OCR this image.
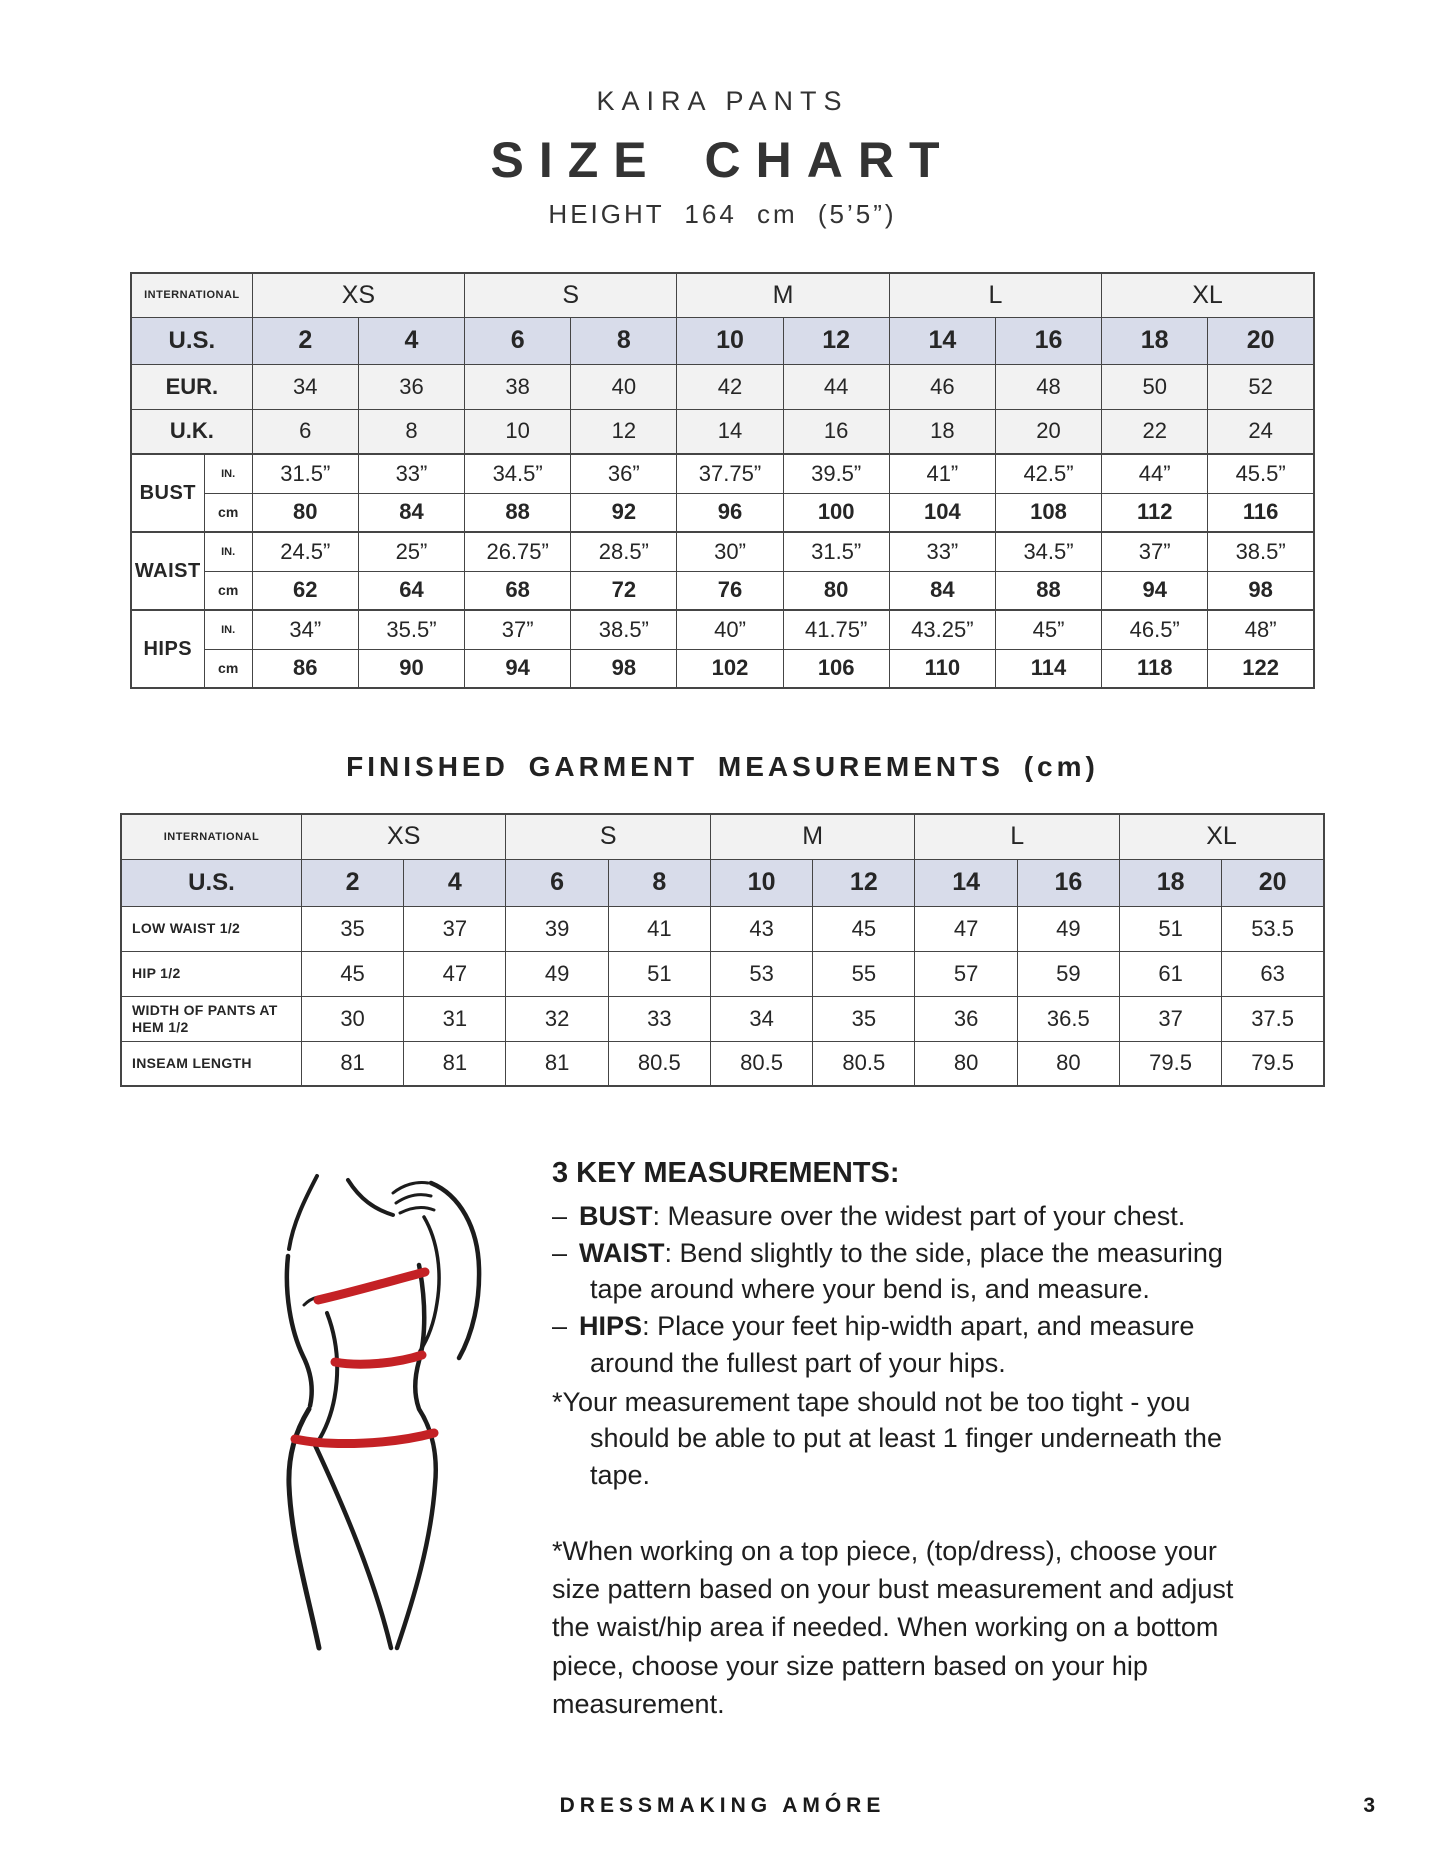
KAIRA PANTS
SIZE CHART
HEIGHT 164 cm (5’5”)
INTERNATIONAL		XS		S		M		L		XL	
U.S.		2	4	6	8	10	12	14	16	18	20
EUR.		34	36	38	40	42	44	46	48	50	52
U.K.		6	8	10	12	14	16	18	20	22	24
BUST	IN.	31.5”	33”	34.5”	36”	37.75”	39.5”	41”	42.5”	44”	45.5”
	cm	80	84	88	92	96	100	104	108	112	116
WAIST	IN.	24.5”	25”	26.75”	28.5”	30”	31.5”	33”	34.5”	37”	38.5”
	cm	62	64	68	72	76	80	84	88	94	98
HIPS	IN.	34”	35.5”	37”	38.5”	40”	41.75”	43.25”	45”	46.5”	48”
	cm	86	90	94	98	102	106	110	114	118	122
FINISHED GARMENT MEASUREMENTS (cm)
INTERNATIONAL	XS		S		M		L		XL	
U.S.	2	4	6	8	10	12	14	16	18	20
LOW WAIST 1/2	35	37	39	41	43	45	47	49	51	53.5
HIP 1/2	45	47	49	51	53	55	57	59	61	63
WIDTH OF PANTS AT HEM 1/2	30	31	32	33	34	35	36	36.5	37	37.5
INSEAM LENGTH	81	81	81	80.5	80.5	80.5	80	80	79.5	79.5
3 KEY MEASUREMENTS:
– BUST: Measure over the widest part of your chest.
– WAIST: Bend slightly to the side, place the measuring tape around where your bend is, and measure.
– HIPS: Place your feet hip-width apart, and measure around the fullest part of your hips.

*Your measurement tape should not be too tight - you should be able to put at least 1 finger underneath the tape.

*When working on a top piece, (top/dress), choose your size pattern based on your bust measurement and adjust the waist/hip area if needed. When working on a bottom piece, choose your size pattern based on your hip measurement.

DRESSMAKING AMÓRE	3
